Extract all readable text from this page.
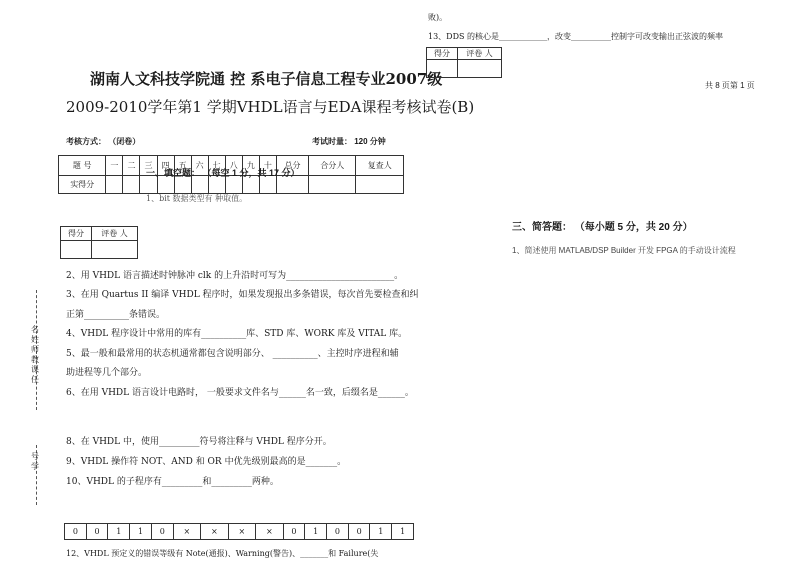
名 姓 师教课任
号 学
湖南人文科技学院通 控 系电子信息工程专业2007级
2009-2010学年第1 学期VHDL语言与EDA课程考核试卷(B)
考核方式： （闭卷）	考试时量： 120 分钟
题 号	一	二	三	四	五	六	七	八	九	十	总分	合分人	复查人
实得分													
一、填空题： （每空 1 分，共 17 分）
1、bit 数据类型有 种取值。
得分	评卷 人

2、用 VHDL 语言描述时钟脉冲 clk 的上升沿时可写为________________________。
3、在用 Quartus II 编译 VHDL 程序时，如果发现报出多条错误，每次首先要检查和纠
正第__________条错误。
4、VHDL 程序设计中常用的库有__________库、STD 库、WORK 库及 VITAL 库。
5、最一般和最常用的状态机通常都包含说明部分、 __________、主控时序进程和辅
助进程等几个部分。
6、在用 VHDL 语言设计电路时， 一般要求文件名与______名一致，后缀名是______。
8、在 VHDL 中，使用_________符号将注释与 VHDL 程序分开。
9、VHDL 操作符 NOT、AND 和 OR 中优先级别最高的是_______。
10、VHDL 的子程序有_________和_________两种。
0	0	1	1	0	×	×	×	×	0	1	0	0	1	1
12、VHDL 预定义的错误等级有 Note(通报)、Warning(警告)、_______和 Failure(失
败)。
13、DDS 的核心是____________，改变__________控制字可改变输出正弦波的频率
得分	评卷 人

共 8 页第 1 页
三、简答题： （每小题 5 分，共 20 分）
1、简述使用 MATLAB/DSP Builder 开发 FPGA 的手动设计流程
